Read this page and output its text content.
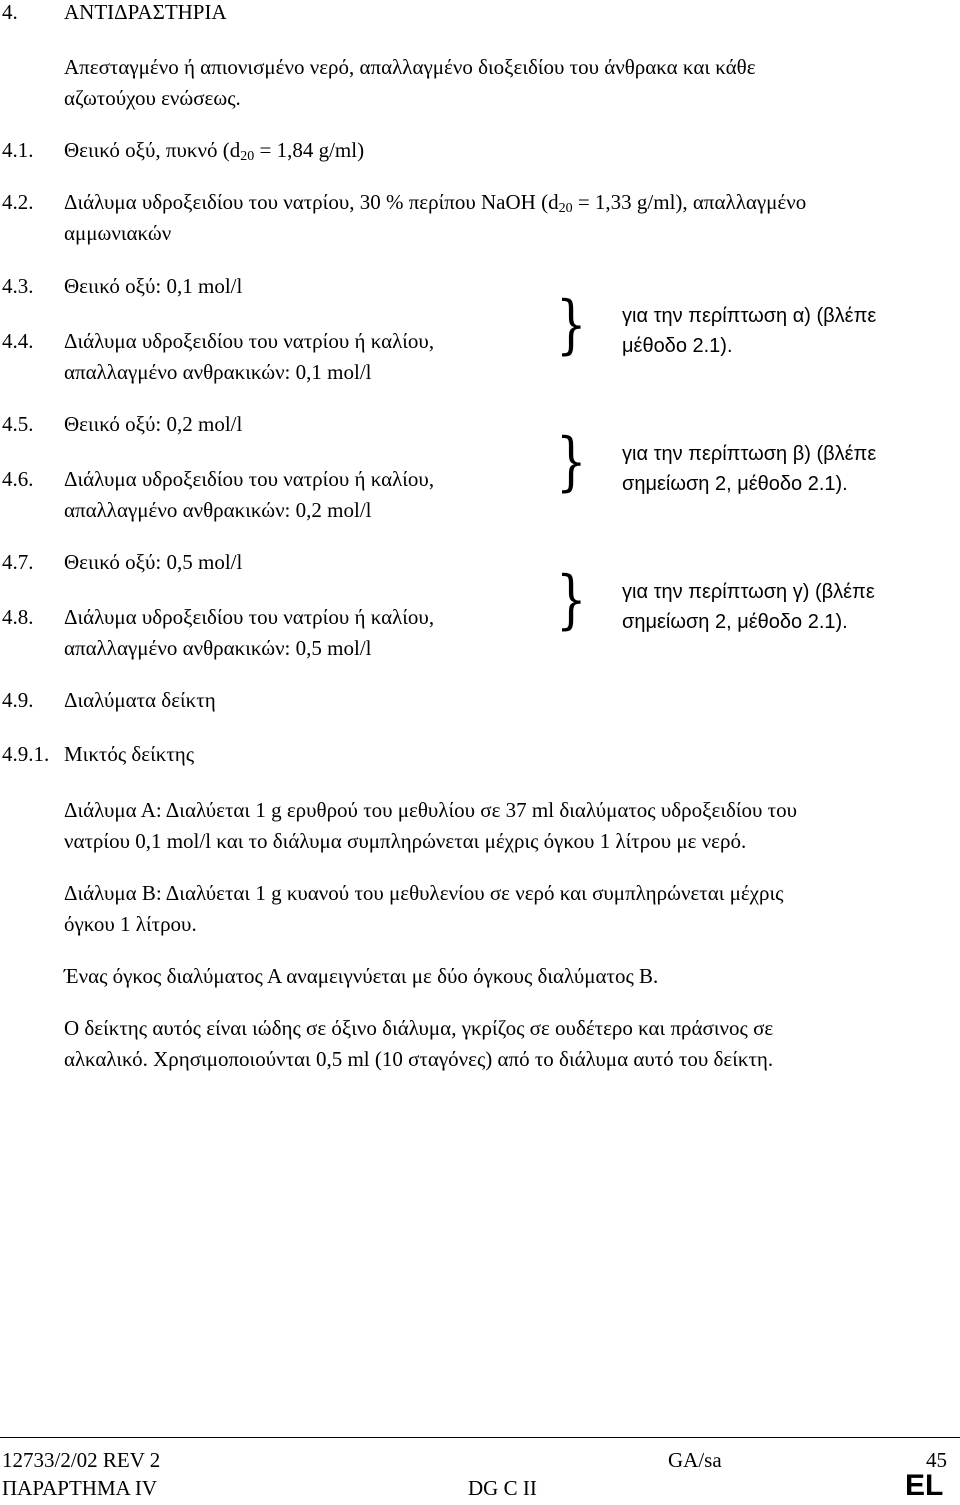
4. ΑΝΤΙΔΡΑΣΤΗΡΙΑ
Απεσταγμένο ή απιονισμένο νερό, απαλλαγμένο διοξειδίου του άνθρακα και κάθε
αζωτούχου ενώσεως.
4.1. Θειικό οξύ, πυκνό ($d_{20} = 1,84$ g/ml)
4.2. Διάλυμα υδροξειδίου του νατρίου, 30 % περίπου NaOH ($d_{20} = 1,33$ g/ml), απαλλαγμένο
αμμωνιακών
4.3. Θειικό οξύ: 0,1 mol/l
4.4. Διάλυμα υδροξειδίου του νατρίου ή καλίου,
απαλλαγμένο ανθρακικών: 0,1 mol/l
} για την περίπτωση α) (βλέπε
μέθοδο 2.1).
4.5. Θειικό οξύ: 0,2 mol/l
4.6. Διάλυμα υδροξειδίου του νατρίου ή καλίου,
απαλλαγμένο ανθρακικών: 0,2 mol/l
} για την περίπτωση β) (βλέπε
σημείωση 2, μέθοδο 2.1).
4.7. Θειικό οξύ: 0,5 mol/l
4.8. Διάλυμα υδροξειδίου του νατρίου ή καλίου,
απαλλαγμένο ανθρακικών: 0,5 mol/l
} για την περίπτωση γ) (βλέπε
σημείωση 2, μέθοδο 2.1).
4.9. Διαλύματα δείκτη
4.9.1. Μικτός δείκτης
Διάλυμα Α: Διαλύεται 1 g ερυθρού του μεθυλίου σε 37 ml διαλύματος υδροξειδίου του
νατρίου 0,1 mol/l και το διάλυμα συμπληρώνεται μέχρις όγκου 1 λίτρου με νερό.
Διάλυμα Β: Διαλύεται 1 g κυανού του μεθυλενίου σε νερό και συμπληρώνεται μέχρις
όγκου 1 λίτρου.
Ένας όγκος διαλύματος Α αναμειγνύεται με δύο όγκους διαλύματος Β.
Ο δείκτης αυτός είναι ιώδης σε όξινο διάλυμα, γκρίζος σε ουδέτερο και πράσινος σε
αλκαλικό. Χρησιμοποιούνται 0,5 ml (10 σταγόνες) από το διάλυμα αυτό του δείκτη.
12733/2/02 REV 2	GA/sa	45
ΠΑΡΑΡΤΗΜΑ IV	DG C II	EL
